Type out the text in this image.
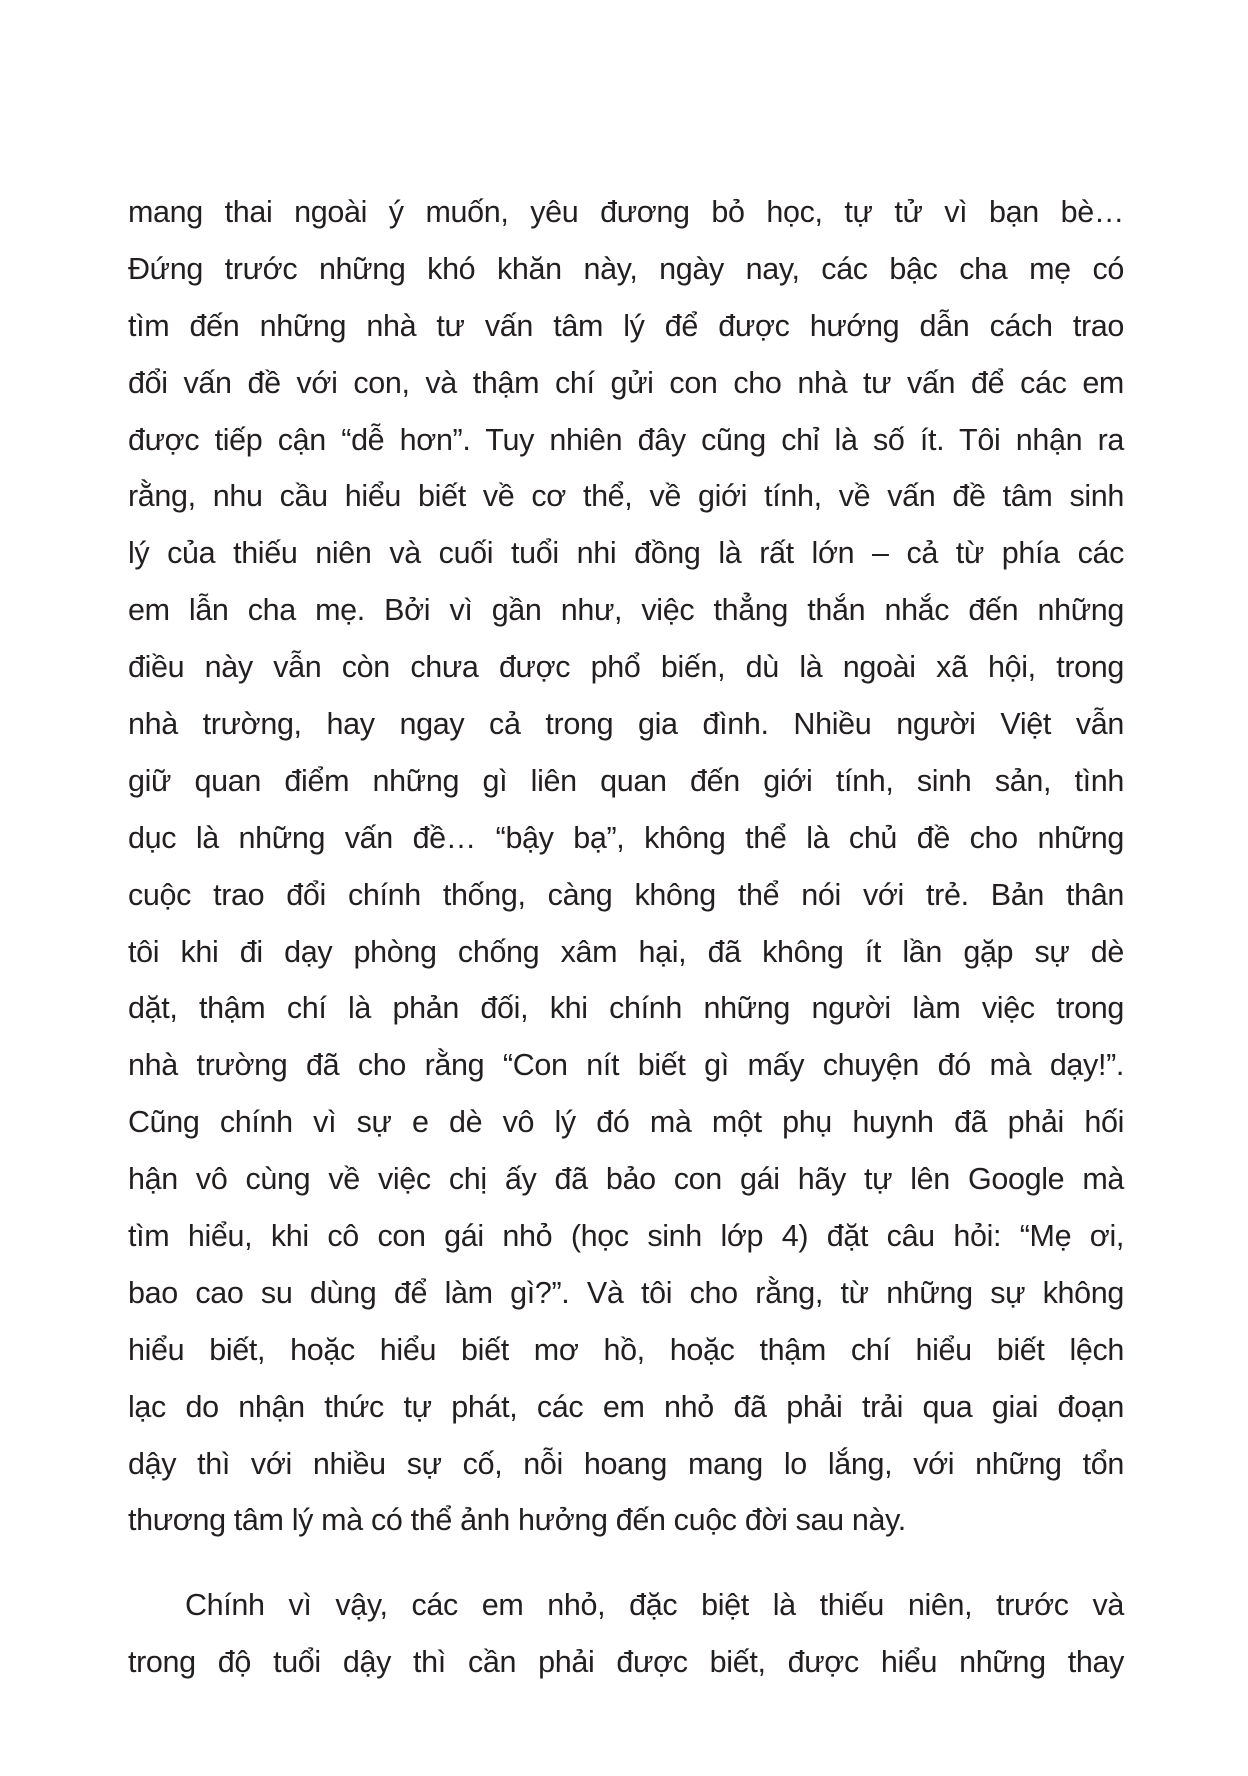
mang thai ngoài ý muốn, yêu đương bỏ học, tự tử vì bạn bè…
Đứng trước những khó khăn này, ngày nay, các bậc cha mẹ có
tìm đến những nhà tư vấn tâm lý để được hướng dẫn cách trao
đổi vấn đề với con, và thậm chí gửi con cho nhà tư vấn để các em
được tiếp cận “dễ hơn”. Tuy nhiên đây cũng chỉ là số ít. Tôi nhận ra
rằng, nhu cầu hiểu biết về cơ thể, về giới tính, về vấn đề tâm sinh
lý của thiếu niên và cuối tuổi nhi đồng là rất lớn – cả từ phía các
em lẫn cha mẹ. Bởi vì gần như, việc thẳng thắn nhắc đến những
điều này vẫn còn chưa được phổ biến, dù là ngoài xã hội, trong
nhà trường, hay ngay cả trong gia đình. Nhiều người Việt vẫn
giữ quan điểm những gì liên quan đến giới tính, sinh sản, tình
dục là những vấn đề… “bậy bạ”, không thể là chủ đề cho những
cuộc trao đổi chính thống, càng không thể nói với trẻ. Bản thân
tôi khi đi dạy phòng chống xâm hại, đã không ít lần gặp sự dè
dặt, thậm chí là phản đối, khi chính những người làm việc trong
nhà trường đã cho rằng “Con nít biết gì mấy chuyện đó mà dạy!”.
Cũng chính vì sự e dè vô lý đó mà một phụ huynh đã phải hối
hận vô cùng về việc chị ấy đã bảo con gái hãy tự lên Google mà
tìm hiểu, khi cô con gái nhỏ (học sinh lớp 4) đặt câu hỏi: “Mẹ ơi,
bao cao su dùng để làm gì?”. Và tôi cho rằng, từ những sự không
hiểu biết, hoặc hiểu biết mơ hồ, hoặc thậm chí hiểu biết lệch
lạc do nhận thức tự phát, các em nhỏ đã phải trải qua giai đoạn
dậy thì với nhiều sự cố, nỗi hoang mang lo lắng, với những tổn
thương tâm lý mà có thể ảnh hưởng đến cuộc đời sau này.
Chính vì vậy, các em nhỏ, đặc biệt là thiếu niên, trước và
trong độ tuổi dậy thì cần phải được biết, được hiểu những thay
